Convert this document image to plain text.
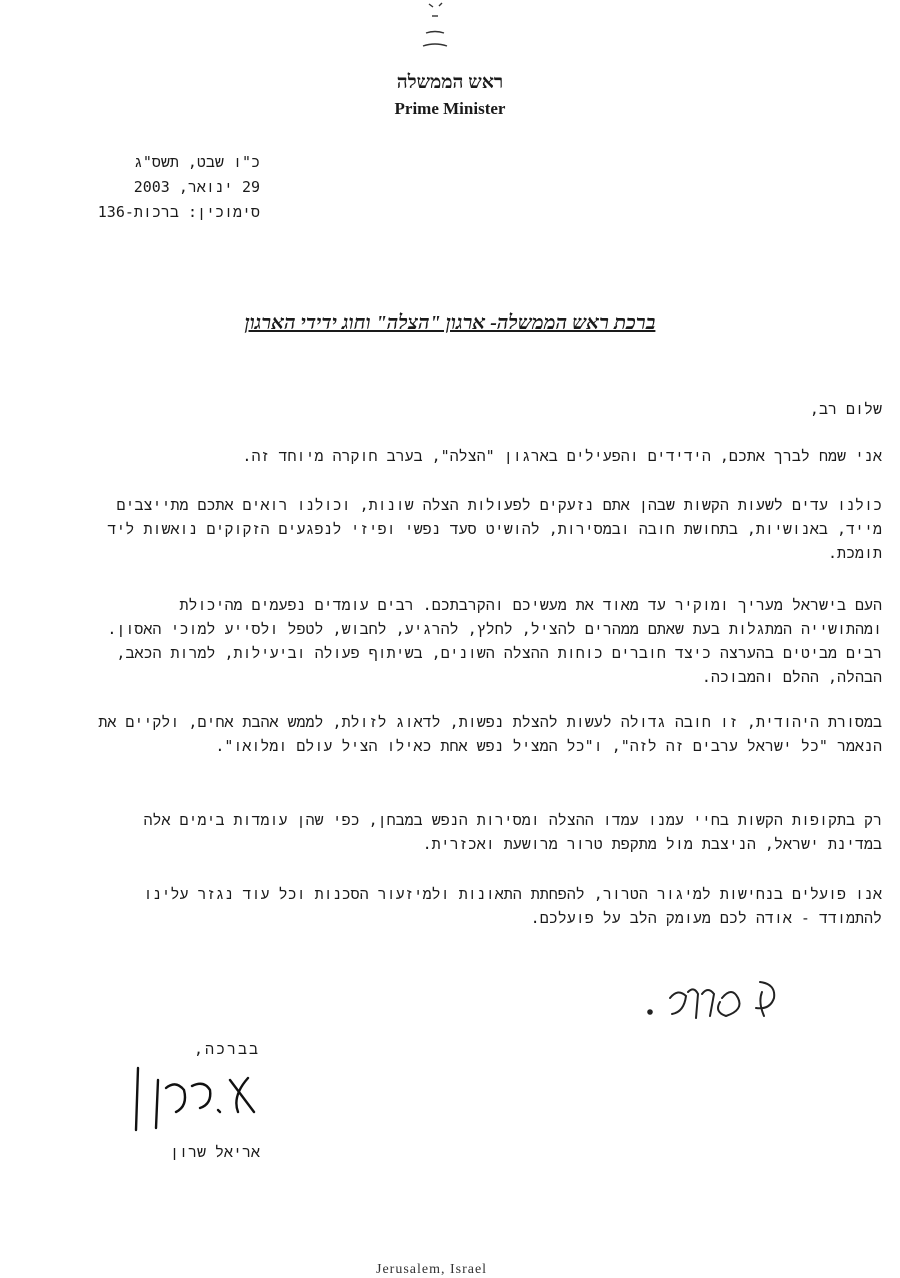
ראש הממשלה
Prime Minister
כ"ו שבט, תשס"ג
29 ינואר, 2003
סימוכין: ברכות-136
ברכת ראש הממשלה- ארגון "הצלה" וחוג ידידי הארגון
שלום רב,
אני שמח לברך אתכם, הידידים והפעילים בארגון "הצלה", בערב חוקרה מיוחד זה.
כולנו עדים לשעות הקשות שבהן אתם נזעקים לפעולות הצלה שונות, וכולנו רואים אתכם מתייצבים מייד, באנושיות, בתחושת חובה ובמסירות, להושיט סעד נפשי ופיזי לנפגעים הזקוקים נואשות ליד תומכת.
העם בישראל מעריך ומוקיר עד מאוד את מעשיכם והקרבתכם. רבים עומדים נפעמים מהיכולת ומהתושייה המתגלות בעת שאתם ממהרים להציל, לחלץ, להרגיע, לחבוש, לטפל ולסייע למוכי האסון. רבים מביטים בהערצה כיצד חוברים כוחות ההצלה השונים, בשיתוף פעולה וביעילות, למרות הכאב, הבהלה, ההלם והמבוכה.
במסורת היהודית, זו חובה גדולה לעשות להצלת נפשות, לדאוג לזולת, לממש אהבת אחים, ולקיים את הנאמר "כל ישראל ערבים זה לזה", ו"כל המציל נפש אחת כאילו הציל עולם ומלואו".
רק בתקופות הקשות בחיי עמנו עמדו ההצלה ומסירות הנפש במבחן, כפי שהן עומדות בימים אלה במדינת ישראל, הניצבת מול מתקפת טרור מרושעת ואכזרית.
אנו פועלים בנחישות למיגור הטרור, להפחתת התאונות ולמיזעור הסכנות וכל עוד נגזר עלינו להתמודד - אודה לכם מעומק הלב על פועלכם.
בברכה,
אריאל שרון
Jerusalem, Israel
